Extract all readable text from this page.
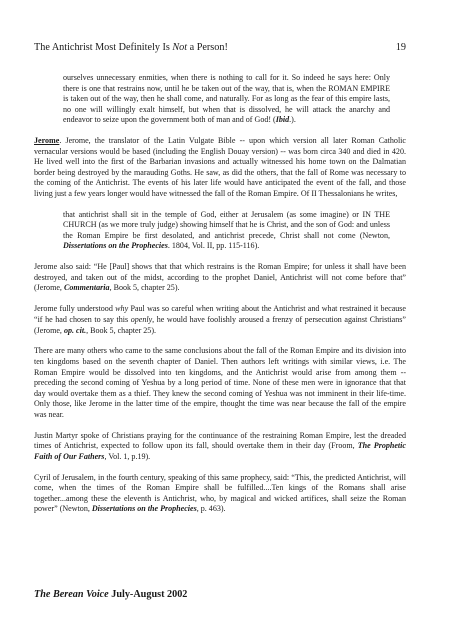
The Antichrist Most Definitely Is Not a Person!	19

ourselves unnecessary enmities, when there is nothing to call for it. So indeed he says here: Only there is one that restrains now, until he be taken out of the way, that is, when the ROMAN EMPIRE is taken out of the way, then he shall come, and naturally. For as long as the fear of this empire lasts, no one will willingly exalt himself, but when that is dissolved, he will attack the anarchy and endeavor to seize upon the government both of man and of God! (Ibid.).

Jerome. Jerome, the translator of the Latin Vulgate Bible -- upon which version all later Roman Catholic vernacular versions would be based (including the English Douay version) -- was born circa 340 and died in 420. He lived well into the first of the Barbarian invasions and actually witnessed his home town on the Dalmatian border being destroyed by the marauding Goths. He saw, as did the others, that the fall of Rome was necessary to the coming of the Antichrist. The events of his later life would have anticipated the event of the fall, and those living just a few years longer would have witnessed the fall of the Roman Empire. Of II Thessalonians he writes,

that antichrist shall sit in the temple of God, either at Jerusalem (as some imagine) or IN THE CHURCH (as we more truly judge) showing himself that he is Christ, and the son of God: and unless the Roman Empire be first desolated, and antichrist precede, Christ shall not come (Newton, Dissertations on the Prophecies. 1804, Vol. II, pp. 115-116).

Jerome also said: “He [Paul] shows that that which restrains is the Roman Empire; for unless it shall have been destroyed, and taken out of the midst, according to the prophet Daniel, Antichrist will not come before that” (Jerome, Commentaria, Book 5, chapter 25).

Jerome fully understood why Paul was so careful when writing about the Antichrist and what restrained it because “if he had chosen to say this openly, he would have foolishly aroused a frenzy of persecution against Christians” (Jerome, op. cit., Book 5, chapter 25).

There are many others who came to the same conclusions about the fall of the Roman Empire and its division into ten kingdoms based on the seventh chapter of Daniel. Then authors left writings with similar views, i.e. The Roman Empire would be dissolved into ten kingdoms, and the Antichrist would arise from among them -- preceding the second coming of Yeshua by a long period of time. None of these men were in ignorance that that day would overtake them as a thief. They knew the second coming of Yeshua was not imminent in their life-time. Only those, like Jerome in the latter time of the empire, thought the time was near because the fall of the empire was near.

Justin Martyr spoke of Christians praying for the continuance of the restraining Roman Empire, lest the dreaded times of Antichrist, expected to follow upon its fall, should overtake them in their day (Froom, The Prophetic Faith of Our Fathers, Vol. 1, p.19).

Cyril of Jerusalem, in the fourth century, speaking of this same prophecy, said: “This, the predicted Antichrist, will come, when the times of the Roman Empire shall be fulfilled....Ten kings of the Romans shall arise together...among these the eleventh is Antichrist, who, by magical and wicked artifices, shall seize the Roman power” (Newton, Dissertations on the Prophecies, p. 463).

The Berean Voice July-August 2002
